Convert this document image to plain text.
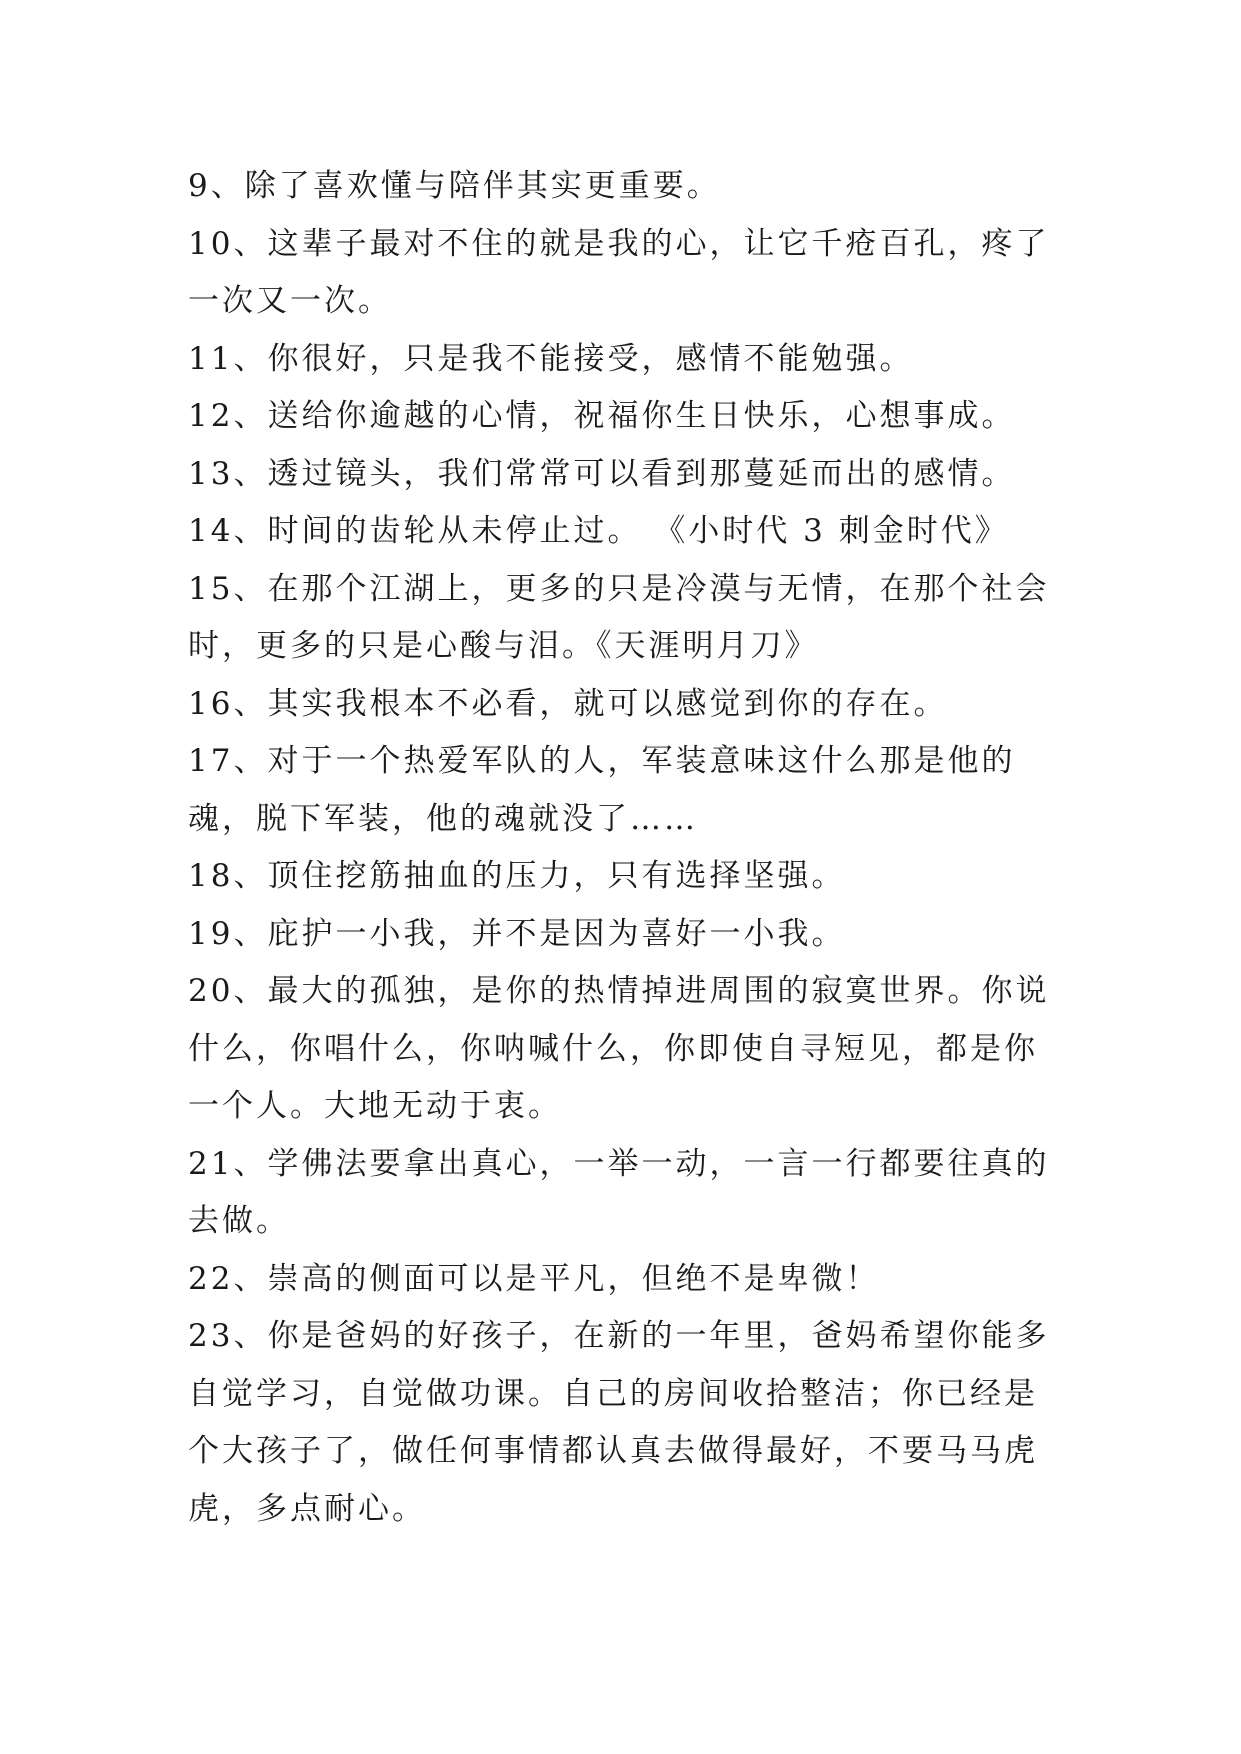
9、除了喜欢懂与陪伴其实更重要。

10、这辈子最对不住的就是我的心，让它千疮百孔，疼了一次又一次。

11、你很好，只是我不能接受，感情不能勉强。

12、送给你逾越的心情，祝福你生日快乐，心想事成。

13、透过镜头，我们常常可以看到那蔓延而出的感情。

14、时间的齿轮从未停止过。 《小时代 3 刺金时代》

15、在那个江湖上，更多的只是冷漠与无情，在那个社会时，更多的只是心酸与泪。《天涯明月刀》

16、其实我根本不必看，就可以感觉到你的存在。

17、对于一个热爱军队的人，军装意味这什么那是他的魂，脱下军装，他的魂就没了……

18、顶住挖筋抽血的压力，只有选择坚强。

19、庇护一小我，并不是因为喜好一小我。

20、最大的孤独，是你的热情掉进周围的寂寞世界。你说什么，你唱什么，你呐喊什么，你即使自寻短见，都是你一个人。大地无动于衷。

21、学佛法要拿出真心，一举一动，一言一行都要往真的去做。

22、崇高的侧面可以是平凡，但绝不是卑微！

23、你是爸妈的好孩子，在新的一年里，爸妈希望你能多自觉学习，自觉做功课。自己的房间收拾整洁；你已经是个大孩子了，做任何事情都认真去做得最好，不要马马虎虎，多点耐心。
